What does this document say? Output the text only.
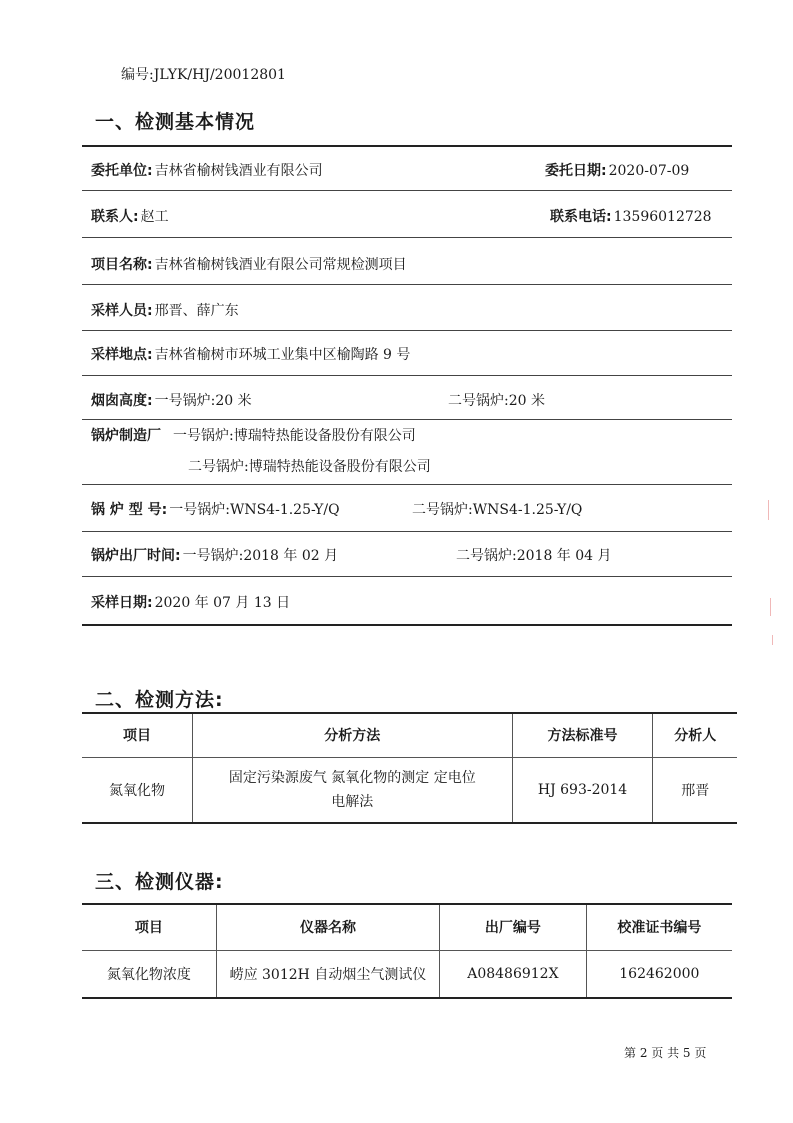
编号:JLYK/HJ/20012801
一、检测基本情况
委托单位: 吉林省榆树钱酒业有限公司	委托日期: 2020-07-09
联系人: 赵工	联系电话: 13596012728
项目名称: 吉林省榆树钱酒业有限公司常规检测项目
采样人员: 邢晋、薛广东
采样地点: 吉林省榆树市环城工业集中区榆陶路 9 号
烟囱高度: 一号锅炉:20 米	二号锅炉:20 米
锅炉制造厂 一号锅炉:博瑞特热能设备股份有限公司
二号锅炉:博瑞特热能设备股份有限公司
锅 炉 型 号: 一号锅炉:WNS4-1.25-Y/Q	二号锅炉:WNS4-1.25-Y/Q
锅炉出厂时间: 一号锅炉:2018 年 02 月	二号锅炉:2018 年 04 月
采样日期: 2020 年 07 月 13 日
二、检测方法:
项目	分析方法	方法标准号	分析人
氮氧化物	固定污染源废气 氮氧化物的测定 定电位电解法	HJ 693-2014	邢晋
三、检测仪器:
项目	仪器名称	出厂编号	校准证书编号
氮氧化物浓度	崂应 3012H 自动烟尘气测试仪	A08486912X	162462000
第 2 页 共 5 页
